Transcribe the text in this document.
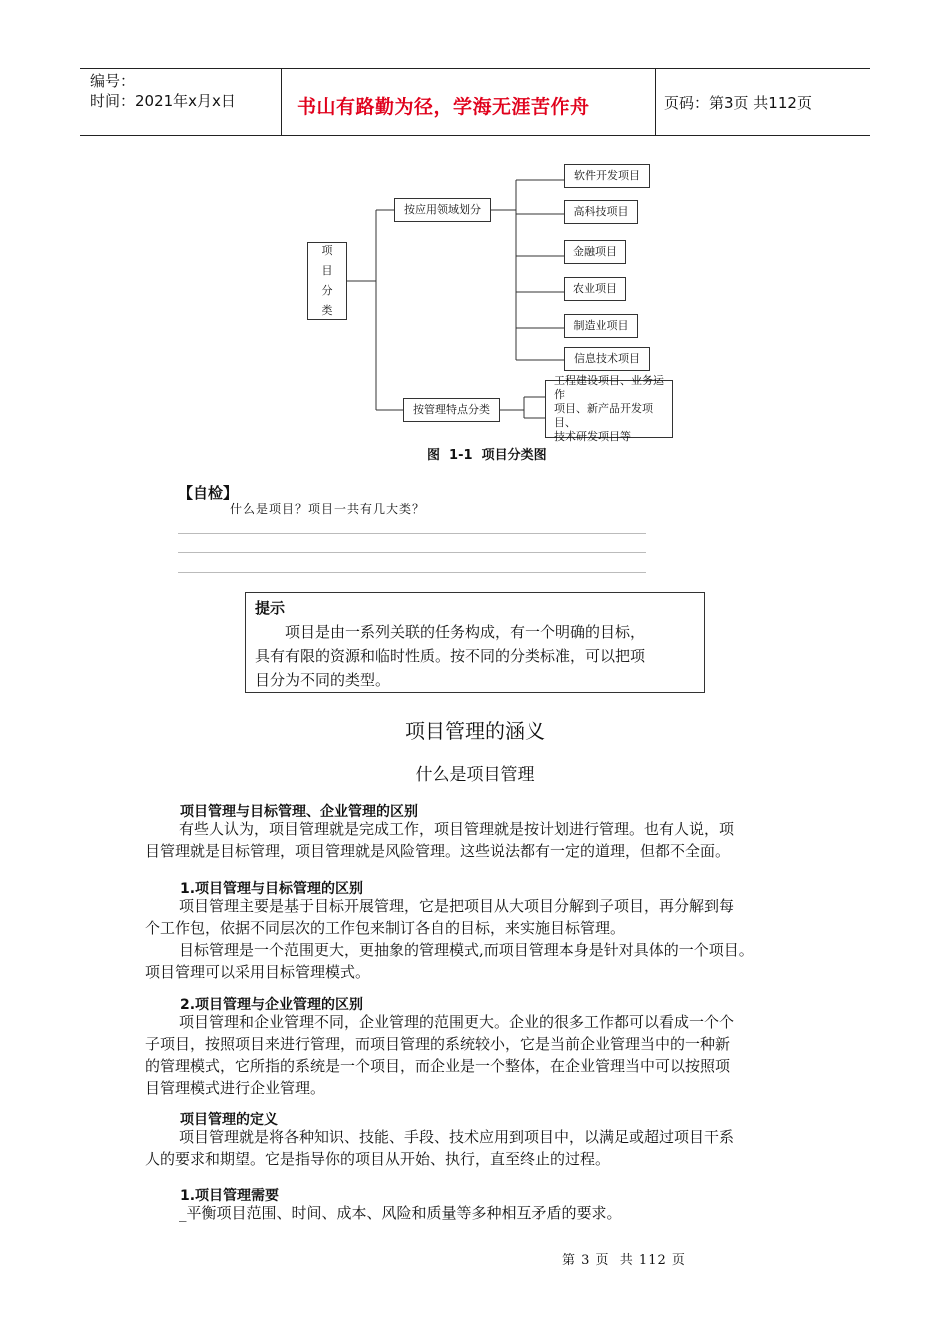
编号：
时间：2021年x月x日	书山有路勤为径，学海无涯苦作舟	页码：第3页 共112页
项
目
分
类
按应用领域划分
按管理特点分类
软件开发项目
高科技项目
金融项目
农业项目
制造业项目
信息技术项目
工程建设项目、业务运作
项目、新产品开发项目、
技术研发项目等
图  1-1  项目分类图
【自检】
什么是项目？项目一共有几大类？
提示
项目是由一系列关联的任务构成，有一个明确的目标，
具有有限的资源和临时性质。按不同的分类标准，可以把项
目分为不同的类型。
项目管理的涵义
什么是项目管理
项目管理与目标管理、企业管理的区别
有些人认为，项目管理就是完成工作，项目管理就是按计划进行管理。也有人说，项
目管理就是目标管理，项目管理就是风险管理。这些说法都有一定的道理，但都不全面。
1.项目管理与目标管理的区别
项目管理主要是基于目标开展管理，它是把项目从大项目分解到子项目，再分解到每
个工作包，依据不同层次的工作包来制订各自的目标，来实施目标管理。
目标管理是一个范围更大，更抽象的管理模式,而项目管理本身是针对具体的一个项目。
项目管理可以采用目标管理模式。
2.项目管理与企业管理的区别
项目管理和企业管理不同，企业管理的范围更大。企业的很多工作都可以看成一个个
子项目，按照项目来进行管理，而项目管理的系统较小，它是当前企业管理当中的一种新
的管理模式，它所指的系统是一个项目，而企业是一个整体，在企业管理当中可以按照项
目管理模式进行企业管理。
项目管理的定义
项目管理就是将各种知识、技能、手段、技术应用到项目中，以满足或超过项目干系
人的要求和期望。它是指导你的项目从开始、执行，直至终止的过程。
1.项目管理需要
_平衡项目范围、时间、成本、风险和质量等多种相互矛盾的要求。
第 3 页  共 112 页
